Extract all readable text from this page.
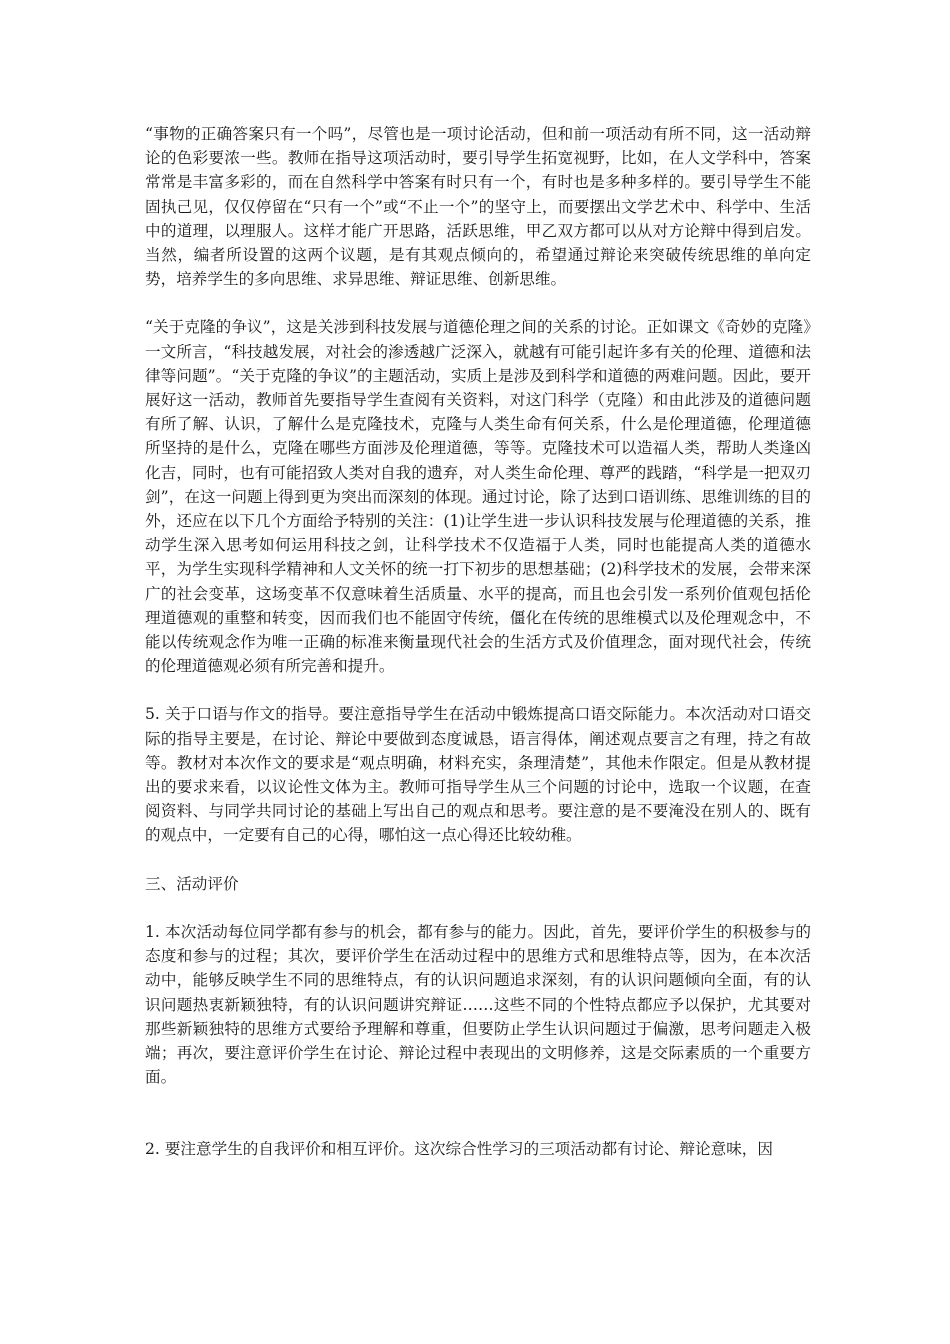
“事物的正确答案只有一个吗”，尽管也是一项讨论活动，但和前一项活动有所不同，这一活动辩论的色彩要浓一些。教师在指导这项活动时，要引导学生拓宽视野，比如，在人文学科中，答案常常是丰富多彩的，而在自然科学中答案有时只有一个，有时也是多种多样的。要引导学生不能固执己见，仅仅停留在“只有一个”或“不止一个”的坚守上，而要摆出文学艺术中、科学中、生活中的道理，以理服人。这样才能广开思路，活跃思维，甲乙双方都可以从对方论辩中得到启发。当然，编者所设置的这两个议题，是有其观点倾向的，希望通过辩论来突破传统思维的单向定势，培养学生的多向思维、求异思维、辩证思维、创新思维。

“关于克隆的争议”，这是关涉到科技发展与道德伦理之间的关系的讨论。正如课文《奇妙的克隆》一文所言，“科技越发展，对社会的渗透越广泛深入，就越有可能引起许多有关的伦理、道德和法律等问题”。“关于克隆的争议”的主题活动，实质上是涉及到科学和道德的两难问题。因此，要开展好这一活动，教师首先要指导学生查阅有关资料，对这门科学（克隆）和由此涉及的道德问题有所了解、认识，了解什么是克隆技术，克隆与人类生命有何关系，什么是伦理道德，伦理道德所坚持的是什么，克隆在哪些方面涉及伦理道德，等等。克隆技术可以造福人类，帮助人类逢凶化吉，同时，也有可能招致人类对自我的遗弃，对人类生命伦理、尊严的践踏，“科学是一把双刃剑”，在这一问题上得到更为突出而深刻的体现。通过讨论，除了达到口语训练、思维训练的目的外，还应在以下几个方面给予特别的关注：(1)让学生进一步认识科技发展与伦理道德的关系，推动学生深入思考如何运用科技之剑，让科学技术不仅造福于人类，同时也能提高人类的道德水平，为学生实现科学精神和人文关怀的统一打下初步的思想基础；(2)科学技术的发展，会带来深广的社会变革，这场变革不仅意味着生活质量、水平的提高，而且也会引发一系列价值观包括伦理道德观的重整和转变，因而我们也不能固守传统，僵化在传统的思维模式以及伦理观念中，不能以传统观念作为唯一正确的标准来衡量现代社会的生活方式及价值理念，面对现代社会，传统的伦理道德观必须有所完善和提升。

5. 关于口语与作文的指导。要注意指导学生在活动中锻炼提高口语交际能力。本次活动对口语交际的指导主要是，在讨论、辩论中要做到态度诚恳，语言得体，阐述观点要言之有理，持之有故等。教材对本次作文的要求是“观点明确，材料充实，条理清楚”，其他未作限定。但是从教材提出的要求来看，以议论性文体为主。教师可指导学生从三个问题的讨论中，选取一个议题，在查阅资料、与同学共同讨论的基础上写出自己的观点和思考。要注意的是不要淹没在别人的、既有的观点中，一定要有自己的心得，哪怕这一点心得还比较幼稚。

三、活动评价

1. 本次活动每位同学都有参与的机会，都有参与的能力。因此，首先，要评价学生的积极参与的态度和参与的过程；其次，要评价学生在活动过程中的思维方式和思维特点等，因为，在本次活动中，能够反映学生不同的思维特点，有的认识问题追求深刻，有的认识问题倾向全面，有的认识问题热衷新颖独特，有的认识问题讲究辩证……这些不同的个性特点都应予以保护，尤其要对那些新颖独特的思维方式要给予理解和尊重，但要防止学生认识问题过于偏激，思考问题走入极端；再次，要注意评价学生在讨论、辩论过程中表现出的文明修养，这是交际素质的一个重要方面。

2. 要注意学生的自我评价和相互评价。这次综合性学习的三项活动都有讨论、辩论意味，因
